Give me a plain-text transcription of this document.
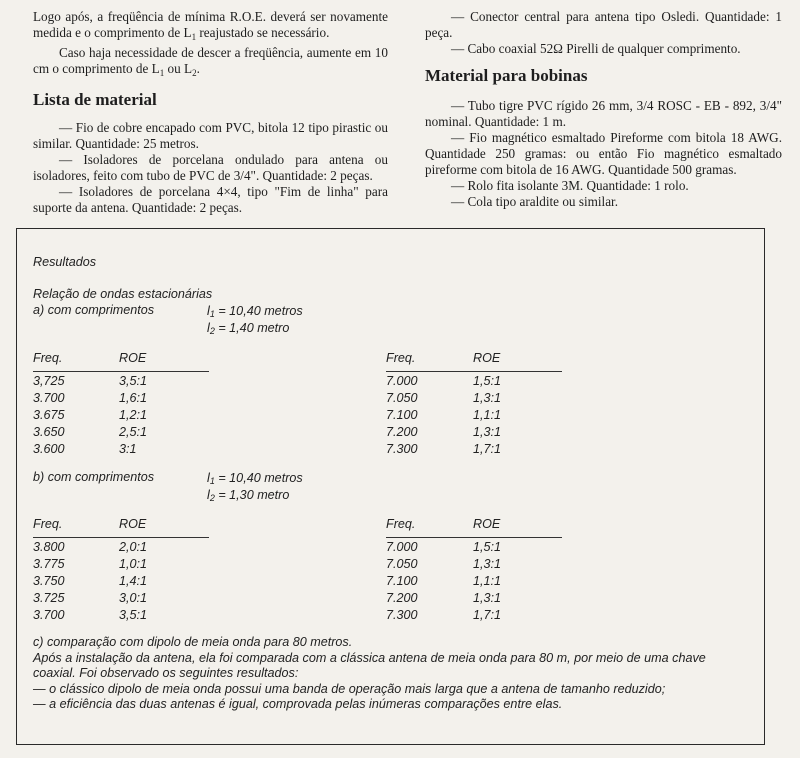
Logo após, a freqüência de mínima R.O.E. deverá ser novamente medida e o comprimento de $L_1$ reajustado se necessário.

Caso haja necessidade de descer a freqüência, aumente em 10 cm o comprimento de $L_1$ ou $L_2$.

Lista de material

— Fio de cobre encapado com PVC, bitola 12 tipo pirastic ou similar. Quantidade: 25 metros.

— Isoladores de porcelana ondulado para antena ou isoladores, feito com tubo de PVC de 3/4". Quantidade: 2 peças.

— Isoladores de porcelana 4×4, tipo "Fim de linha" para suporte da antena. Quantidade: 2 peças.

— Conector central para antena tipo Osledi. Quantidade: 1 peça.

— Cabo coaxial 52Ω Pirelli de qualquer comprimento.

Material para bobinas

— Tubo tigre PVC rígido 26 mm, 3/4 ROSC - EB - 892, 3/4" nominal. Quantidade: 1 m.

— Fio magnético esmaltado Pireforme com bitola 18 AWG. Quantidade 250 gramas: ou então Fio magnético esmaltado pireforme com bitola de 16 AWG. Quantidade 500 gramas.

— Rolo fita isolante 3M. Quantidade: 1 rolo.

— Cola tipo araldite ou similar.

Resultados
Relação de ondas estacionárias
a) com comprimentos	$l_1 = 10,40$ metros
$l_2 = 1,40$ metro
Freq.	ROE
3,725	3,5:1
3.700	1,6:1
3.675	1,2:1
3.650	2,5:1
3.600	3:1
Freq.	ROE
7.000	1,5:1
7.050	1,3:1
7.100	1,1:1
7.200	1,3:1
7.300	1,7:1
b) com comprimentos	$l_1 = 10,40$ metros
$l_2 = 1,30$ metro
Freq.	ROE
3.800	2,0:1
3.775	1,0:1
3.750	1,4:1
3.725	3,0:1
3.700	3,5:1
Freq.	ROE
7.000	1,5:1
7.050	1,3:1
7.100	1,1:1
7.200	1,3:1
7.300	1,7:1
c) comparação com dipolo de meia onda para 80 metros.
Após a instalação da antena, ela foi comparada com a clássica antena de meia onda para 80 m, por meio de uma chave
coaxial. Foi observado os seguintes resultados:
— o clássico dipolo de meia onda possui uma banda de operação mais larga que a antena de tamanho reduzido;
— a eficiência das duas antenas é igual, comprovada pelas inúmeras comparações entre elas.
